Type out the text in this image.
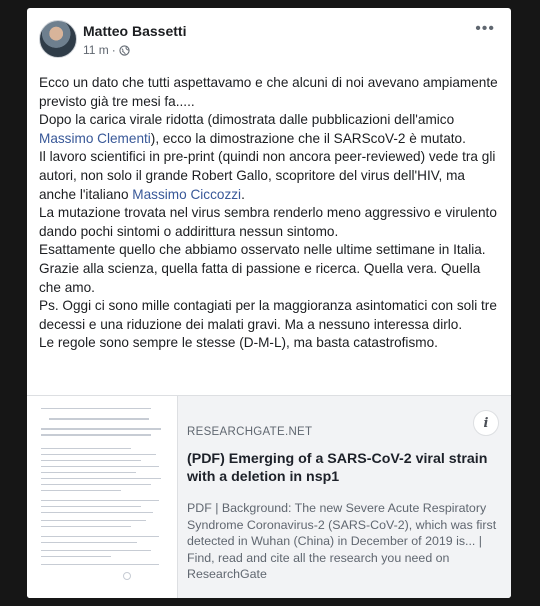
Matteo Bassetti
11 m ·
•••

Ecco un dato che tutti aspettavamo e che alcuni di noi avevano ampiamente previsto già tre mesi fa.....

Dopo la carica virale ridotta (dimostrata dalle pubblicazioni dell'amico Massimo Clementi), ecco la dimostrazione che il SARScoV-2 è mutato.

Il lavoro scientifici in pre-print (quindi non ancora peer-reviewed) vede tra gli autori, non solo il grande Robert Gallo, scopritore del virus dell'HIV, ma anche l'italiano Massimo Ciccozzi.

La mutazione trovata nel virus sembra renderlo meno aggressivo e virulento dando pochi sintomi o addirittura nessun sintomo.

Esattamente quello che abbiamo osservato nelle ultime settimane in Italia.

Grazie alla scienza, quella fatta di passione e ricerca. Quella vera. Quella che amo.

Ps. Oggi ci sono mille contagiati per la maggioranza asintomatici con soli tre decessi e una riduzione dei malati gravi. Ma a nessuno interessa dirlo.

Le regole sono sempre le stesse (D-M-L), ma basta catastrofismo.

RESEARCHGATE.NET
(PDF) Emerging of a SARS-CoV-2 viral strain with a deletion in nsp1
PDF | Background: The new Severe Acute Respiratory Syndrome Coronavirus-2 (SARS-CoV-2), which was first detected in Wuhan (China) in December of 2019 is... | Find, read and cite all the research you need on ResearchGate
i
